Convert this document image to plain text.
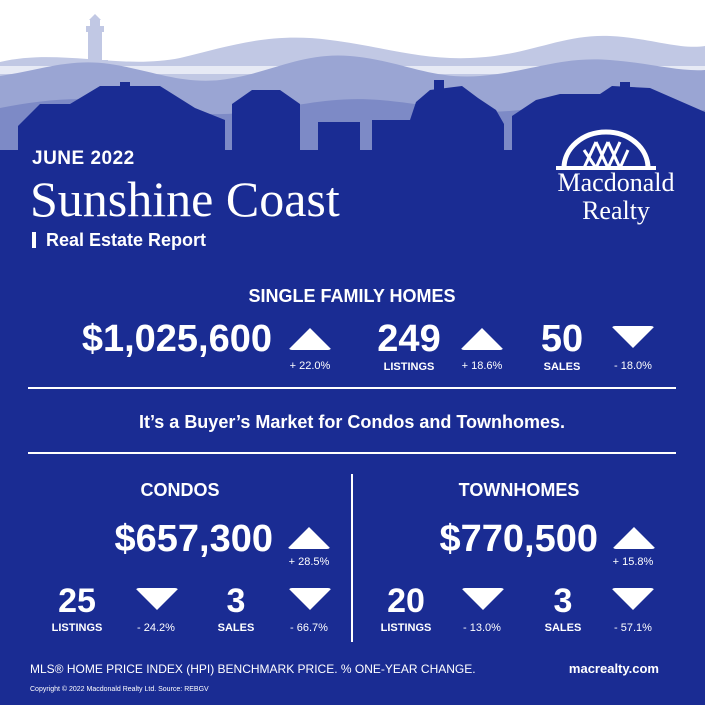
JUNE 2022
Sunshine Coast
Real Estate Report
Macdonald
Realty
SINGLE FAMILY HOMES
$1,025,600
+ 22.0%
249
LISTINGS + 18.6%
50
SALES	- 18.0%
It’s a Buyer’s Market for Condos and Townhomes.
CONDOS
$657,300
+ 28.5%
25
LISTINGS	- 24.2%
3
SALES	- 66.7%
TOWNHOMES
$770,500
+ 15.8%
20
LISTINGS	- 13.0%
3
SALES	- 57.1%
MLS® HOME PRICE INDEX (HPI) BENCHMARK PRICE. % ONE-YEAR CHANGE.	macrealty.com
Copyright © 2022 Macdonald Realty Ltd. Source: REBGV
